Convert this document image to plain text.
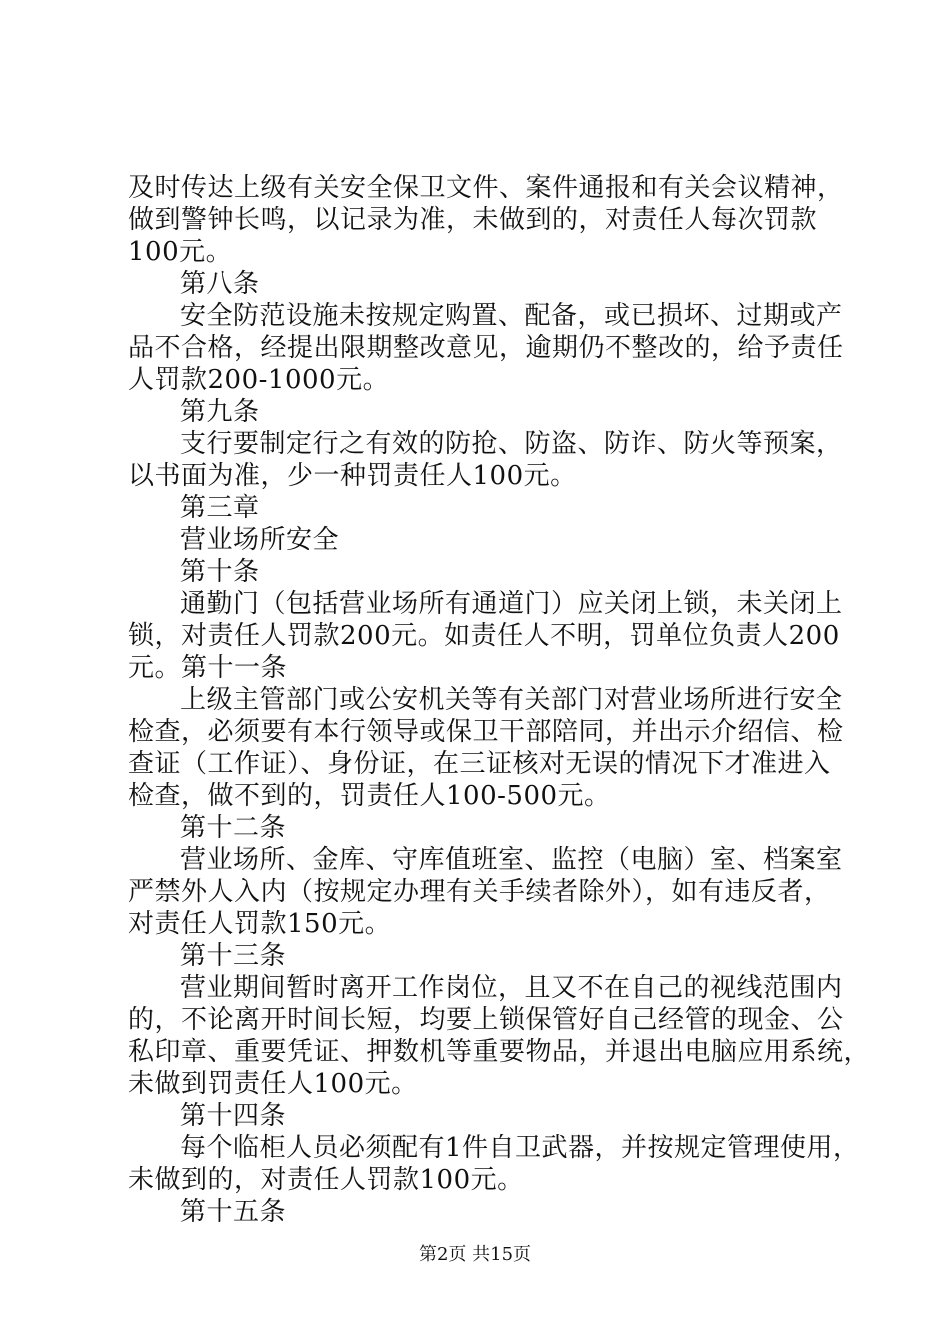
及时传达上级有关安全保卫文件、案件通报和有关会议精神，
做到警钟长鸣，以记录为准，未做到的，对责任人每次罚款
100元。
第八条
安全防范设施未按规定购置、配备，或已损坏、过期或产
品不合格，经提出限期整改意见，逾期仍不整改的，给予责任
人罚款200-1000元。
第九条
支行要制定行之有效的防抢、防盗、防诈、防火等预案，
以书面为准，少一种罚责任人100元。
第三章
营业场所安全
第十条
通勤门（包括营业场所有通道门）应关闭上锁，未关闭上
锁，对责任人罚款200元。如责任人不明，罚单位负责人200
元。第十一条
上级主管部门或公安机关等有关部门对营业场所进行安全
检查，必须要有本行领导或保卫干部陪同，并出示介绍信、检
查证（工作证）、身份证，在三证核对无误的情况下才准进入
检查，做不到的，罚责任人100-500元。
第十二条
营业场所、金库、守库值班室、监控（电脑）室、档案室
严禁外人入内（按规定办理有关手续者除外），如有违反者，
对责任人罚款150元。
第十三条
营业期间暂时离开工作岗位，且又不在自己的视线范围内
的，不论离开时间长短，均要上锁保管好自己经管的现金、公
私印章、重要凭证、押数机等重要物品，并退出电脑应用系统，
未做到罚责任人100元。
第十四条
每个临柜人员必须配有1件自卫武器，并按规定管理使用，
未做到的，对责任人罚款100元。
第十五条
第2页 共15页
